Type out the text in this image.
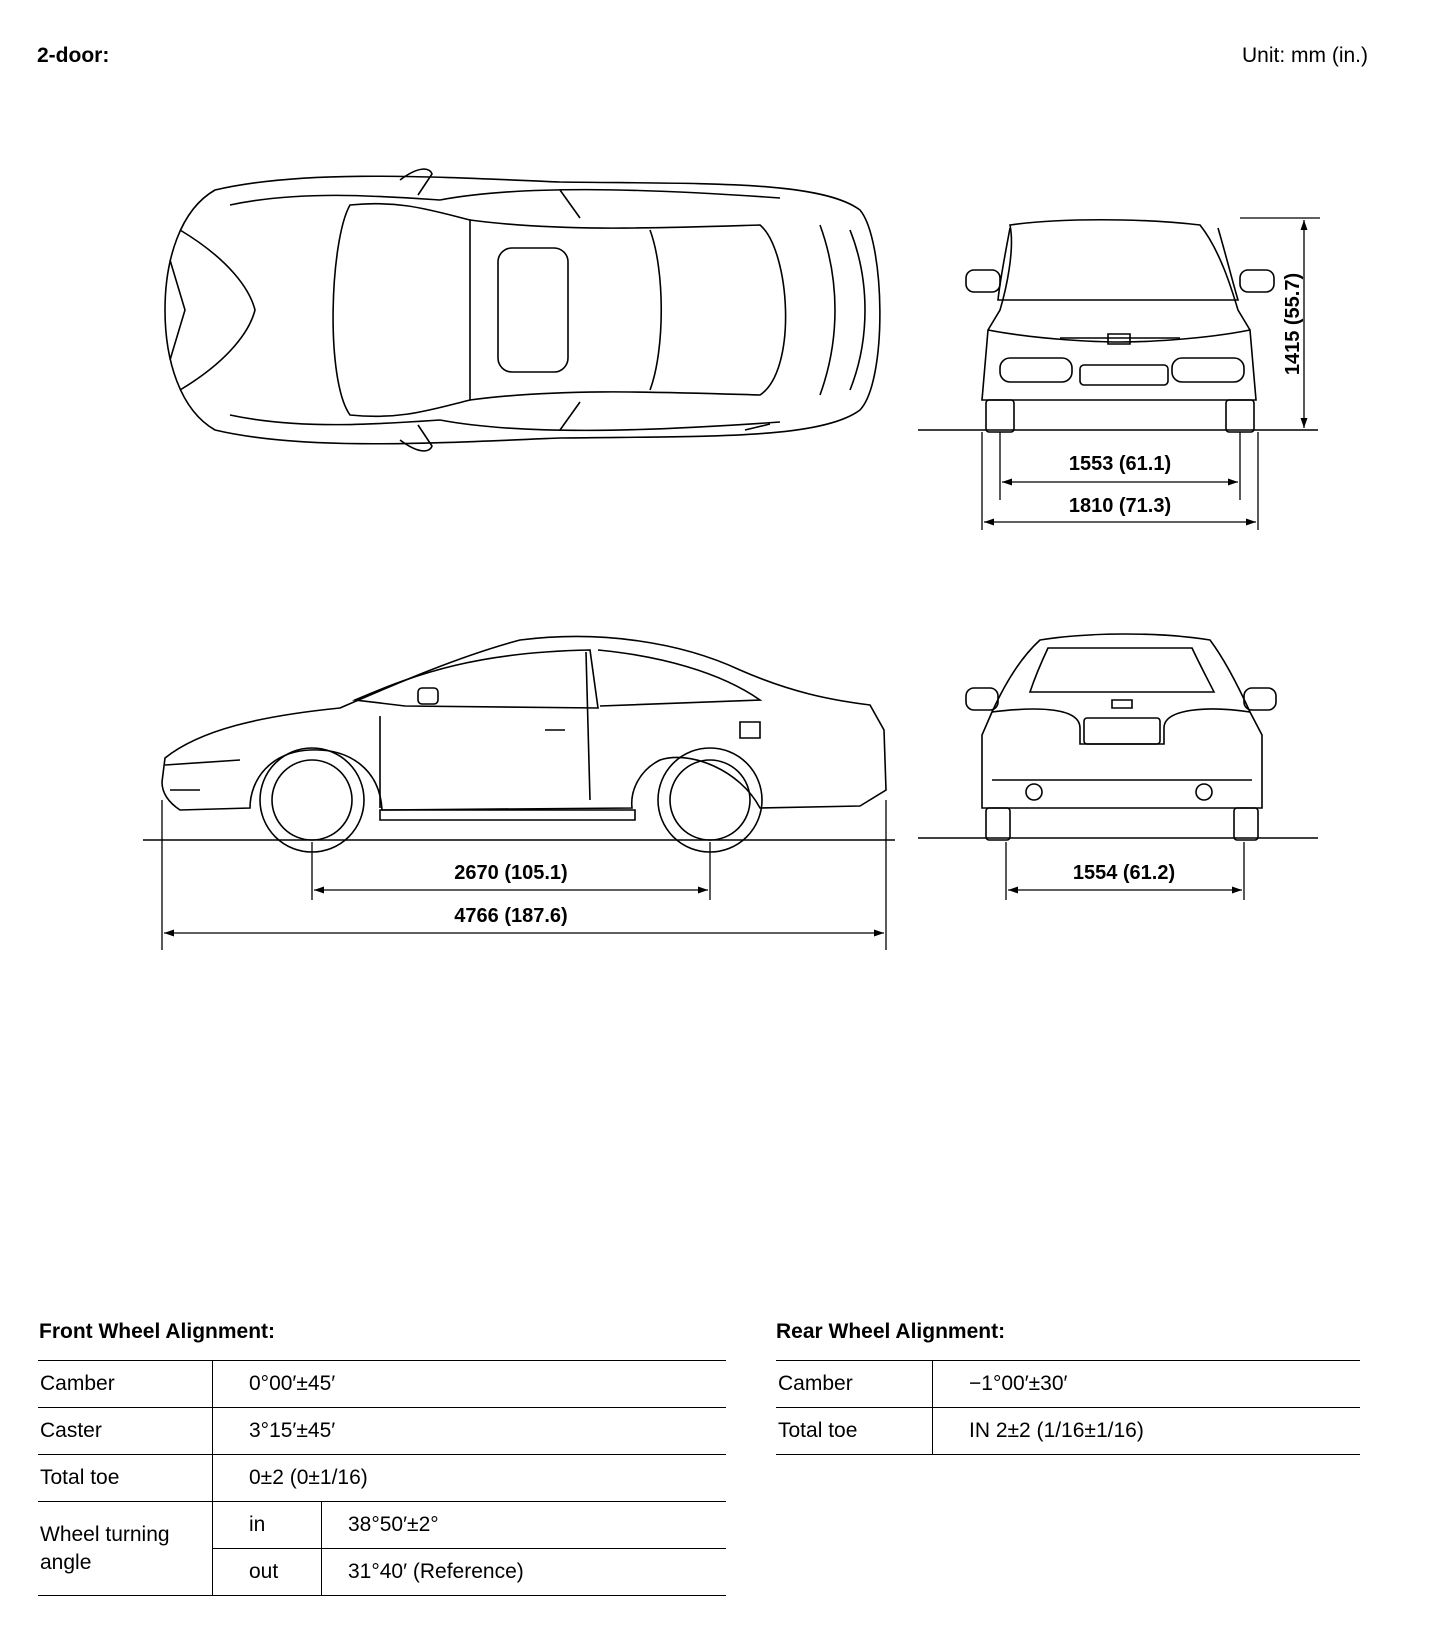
2-door:	Unit: mm (in.)
1415 (55.7)
1553 (61.1)
1810 (71.3)
2670 (105.1)
4766 (187.6)
1554 (61.2)
Front Wheel Alignment:
Camber	0°00′±45′	
Caster	3°15′±45′	
Total toe	0±2 (0±1/16)	
Wheel turning angle	in	38°50′±2°
	out	31°40′ (Reference)
Rear Wheel Alignment:
Camber	−1°00′±30′
Total toe	IN 2±2 (1/16±1/16)
